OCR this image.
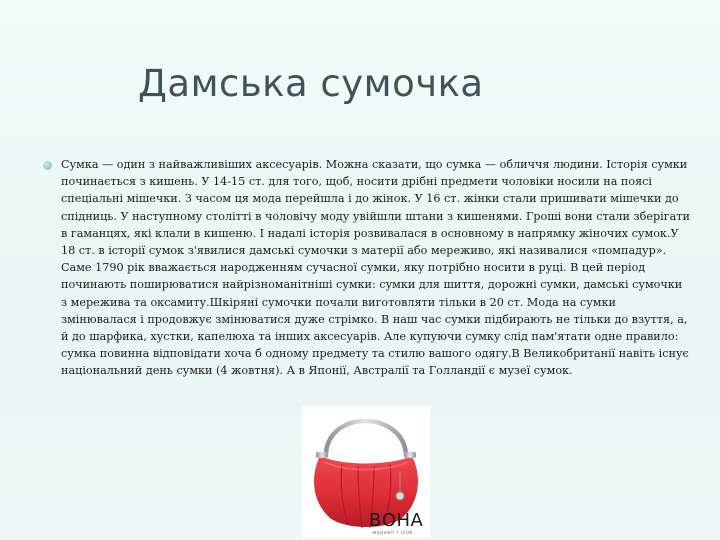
Дамська сумочка

Сумка — один з найважливіших аксесуарів. Можна сказати, що сумка — обличчя людини. Історія сумки починається з кишень. У 14-15 ст. для того, щоб, носити дрібні предмети чоловіки носили на поясі спеціальні мішечки. З часом ця мода перейшла і до жінок. У 16 ст. жінки стали пришивати мішечки до спідниць. У наступному столітті в чоловічу моду увійшли штани з кишенями. Гроші вони стали зберігати в гаманцях, які клали в кишеню. І надалі історія розвивалася в основному в напрямку жіночих сумок.У 18 ст. в історії сумок з'явилися дамські сумочки з матерії або мереживо, які називалися «помпадур». Саме 1790 рік вважається народженням сучасної сумки, яку потрібно носити в руці. В цей період починають поширюватися найрізноманітніші сумки: сумки для шиття, дорожні сумки, дамські сумочки з мережива та оксамиту.Шкіряні сумочки почали виготовляти тільки в 20 ст. Мода на сумки змінювалася і продовжує змінюватися дуже стрімко. В наш час сумки підбирають не тільки до взуття, а, й до шарфика, хустки, капелюха та інших аксесуарів. Але купуючи сумку слід пам'ятати одне правило: сумка повинна відповідати хоча б одному предмету та стилю вашого одягу.В Великобританії навіть існує національний день сумки (4 жовтня). А в Японії, Австралії та Голландії є музеї сумок.

ВОНА
журнал • club
